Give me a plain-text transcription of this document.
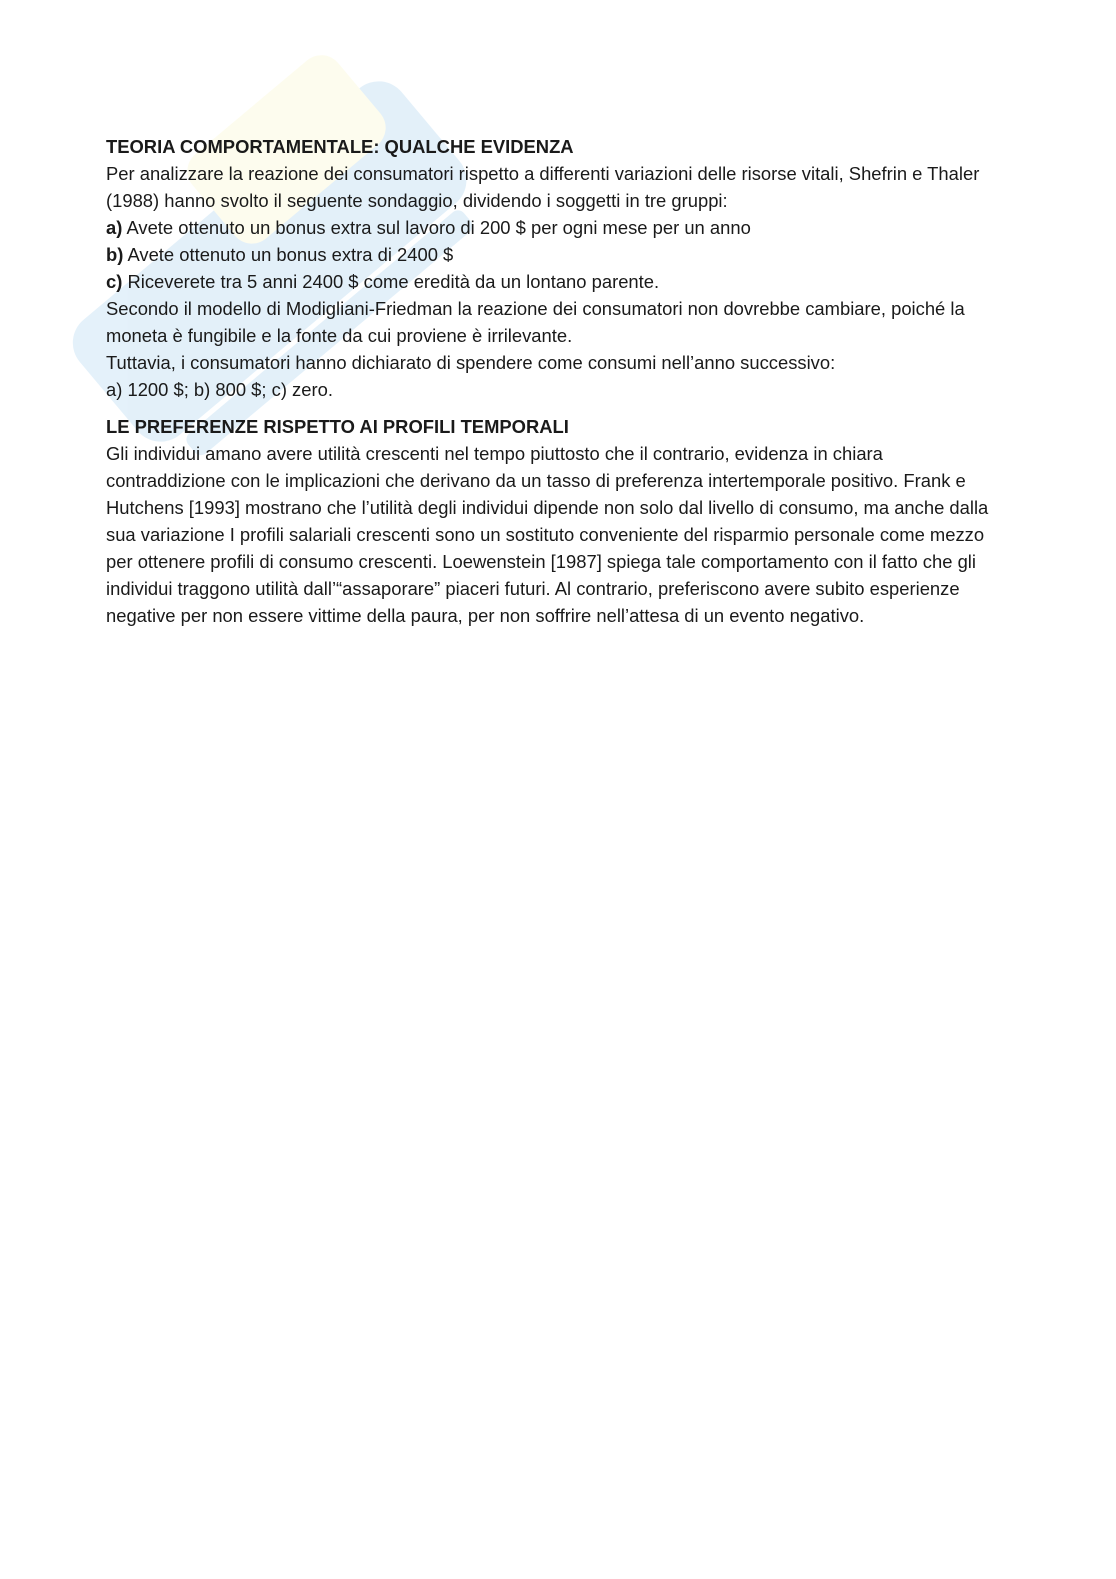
TEORIA COMPORTAMENTALE: QUALCHE EVIDENZA

Per analizzare la reazione dei consumatori rispetto a differenti variazioni delle risorse vitali, Shefrin e Thaler (1988) hanno svolto il seguente sondaggio, dividendo i soggetti in tre gruppi:

a) Avete ottenuto un bonus extra sul lavoro di 200 $ per ogni mese per un anno

b) Avete ottenuto un bonus extra di 2400 $

c) Riceverete tra 5 anni 2400 $ come eredità da un lontano parente.

Secondo il modello di Modigliani-Friedman la reazione dei consumatori non dovrebbe cambiare, poiché la moneta è fungibile e la fonte da cui proviene è irrilevante.

Tuttavia, i consumatori hanno dichiarato di spendere come consumi nell’anno successivo:

a) 1200 $; b) 800 $; c) zero.

LE PREFERENZE RISPETTO AI PROFILI TEMPORALI

Gli individui amano avere utilità crescenti nel tempo piuttosto che il contrario, evidenza in chiara contraddizione con le implicazioni che derivano da un tasso di preferenza intertemporale positivo. Frank e Hutchens [1993] mostrano che l’utilità degli individui dipende non solo dal livello di consumo, ma anche dalla sua variazione I profili salariali crescenti sono un sostituto conveniente del risparmio personale come mezzo per ottenere profili di consumo crescenti. Loewenstein [1987] spiega tale comportamento con il fatto che gli individui traggono utilità dall’“assaporare” piaceri futuri. Al contrario, preferiscono avere subito esperienze negative per non essere vittime della paura, per non soffrire nell’attesa di un evento negativo.
